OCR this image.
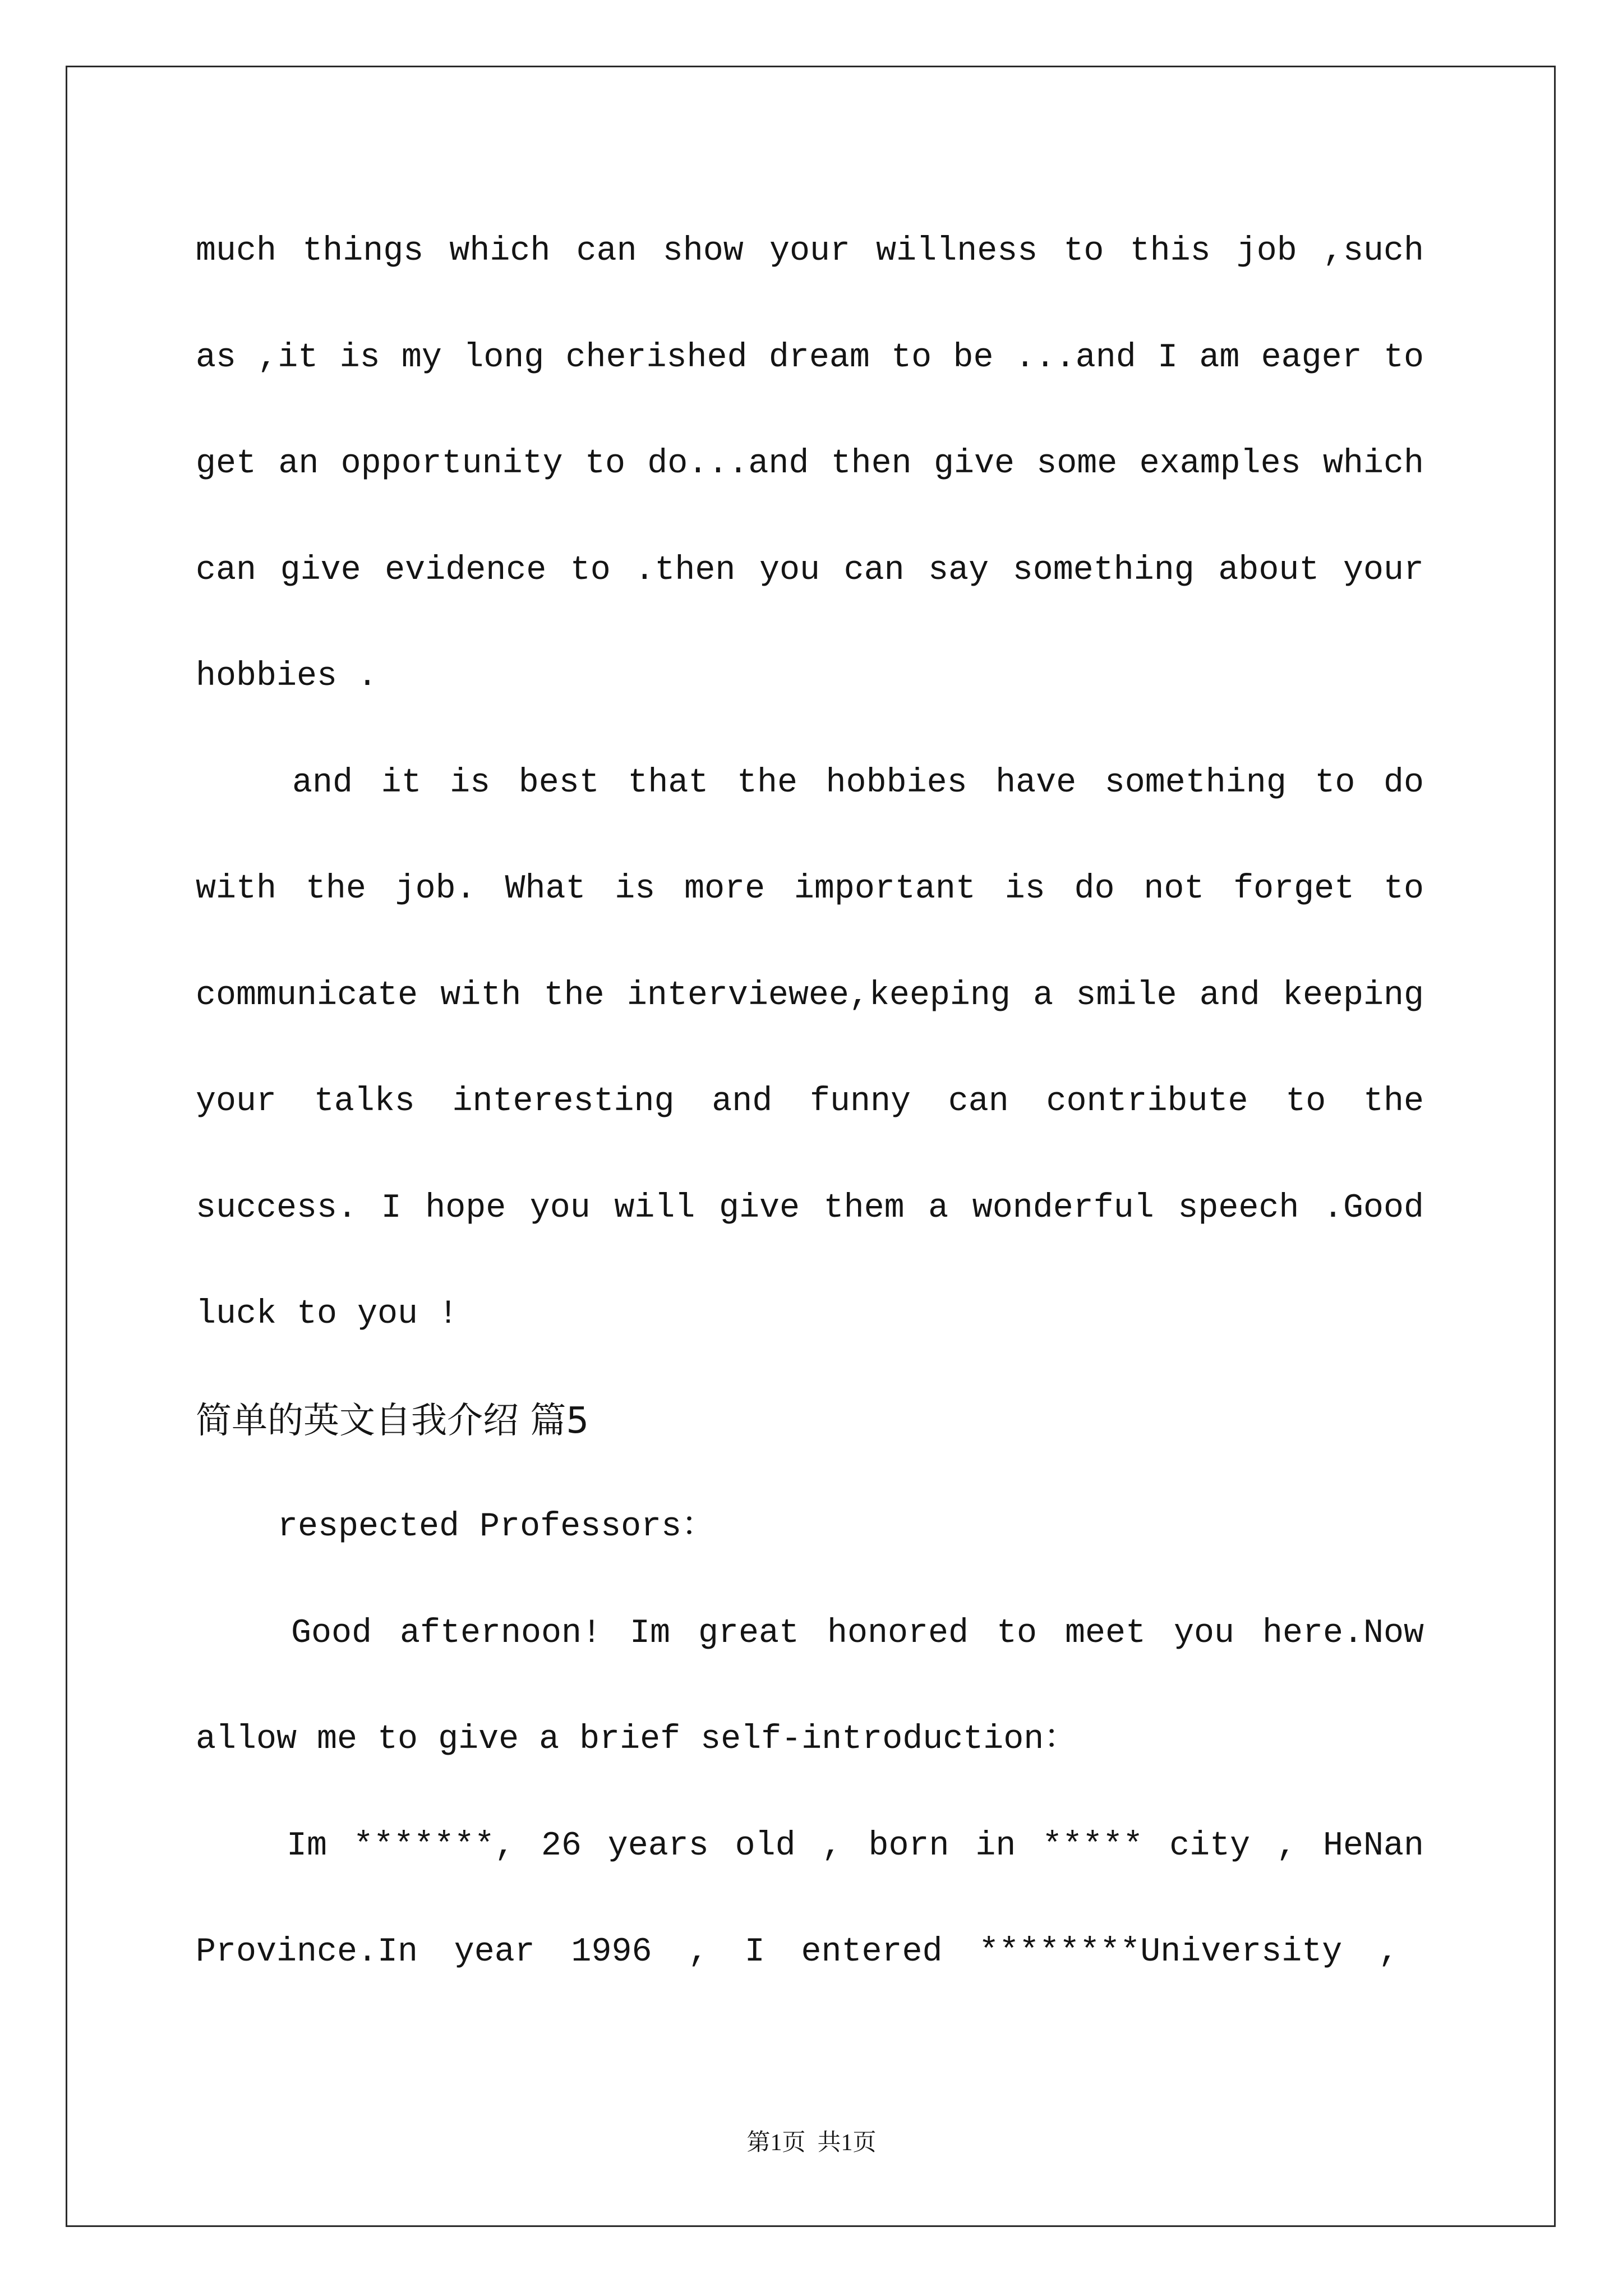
much things which can show your willness to this job ,such
as ,it is my long cherished dream to be ...and I am eager to
get an opportunity to do...and then give some examples which
can give evidence to .then you can say something about your
hobbies .
and it is best that the hobbies have something to do
with the job. What is more important is do not forget to
communicate with the interviewee,keeping a smile and keeping
your talks interesting and funny can contribute to the
success. I hope you will give them a wonderful speech .Good
luck to you !
简单的英文自我介绍 篇5
respected Professors：
Good afternoon! Im great honored to meet you here.Now
allow me to give a brief self-introduction：
Im *******, 26 years old , born in ***** city , HeNan
Province.In year 1996 , I entered ********University ,
第1页  共1页
